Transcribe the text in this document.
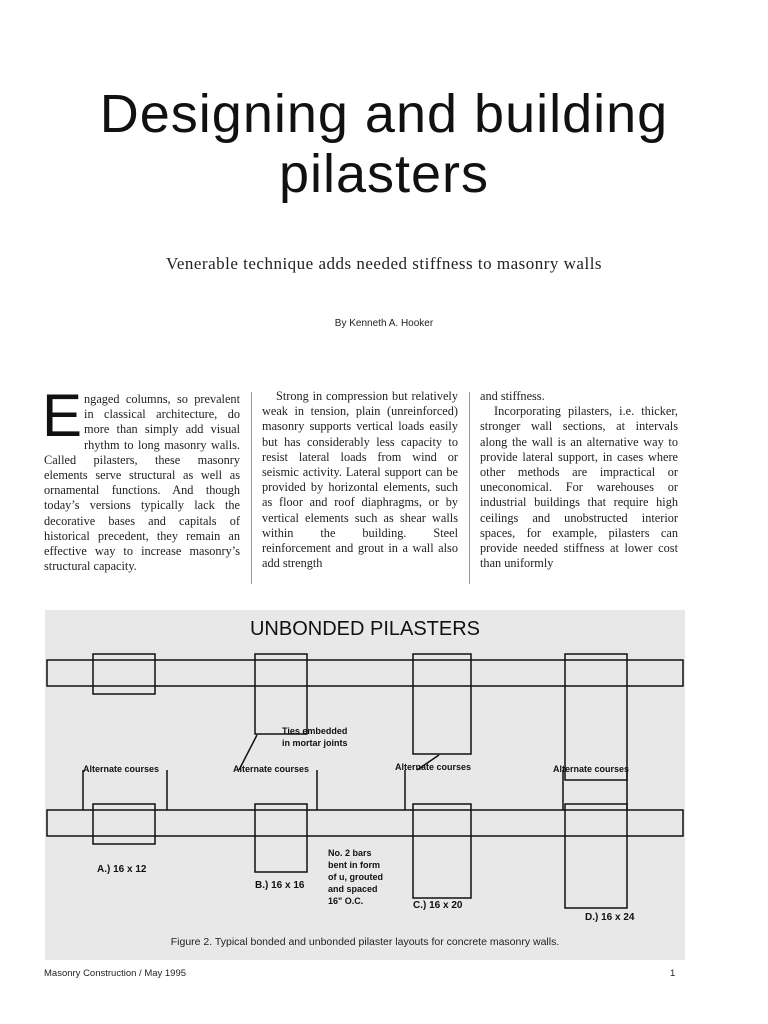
Designing and building
pilasters
Venerable technique adds needed stiffness to masonry walls
By Kenneth A. Hooker
E ngaged columns, so prevalent in classical architecture, do more than simply add visual rhythm to long masonry walls. Called pilasters, these masonry elements serve structural as well as ornamental functions. And though today’s versions typically lack the decorative bases and capitals of historical precedent, they remain an effective way to increase masonry’s structural capacity.
Strong in compression but relatively weak in tension, plain (unreinforced) masonry supports vertical loads easily but has considerably less capacity to resist lateral loads from wind or seismic activity. Lateral support can be provided by horizontal elements, such as floor and roof diaphragms, or by vertical elements such as shear walls within the building. Steel reinforcement and grout in a wall also add strength
and stiffness.
Incorporating pilasters, i.e. thicker, stronger wall sections, at intervals along the wall is an alternative way to provide lateral support, in cases where other methods are impractical or uneconomical. For warehouses or industrial buildings that require high ceilings and unobstructed interior spaces, for example, pilasters can provide needed stiffness at lower cost than uniformly
UNBONDED PILASTERS
Ties embedded
in mortar joints
Alternate courses	Alternate courses	Alternate courses	Alternate courses
A.) 16 x 12
B.) 16 x 16
C.) 16 x 20
D.) 16 x 24
No. 2 bars
bent in form
of u, grouted
and spaced
16" O.C.
Figure 2. Typical bonded and unbonded pilaster layouts for concrete masonry walls.
Masonry Construction / May 1995	1
